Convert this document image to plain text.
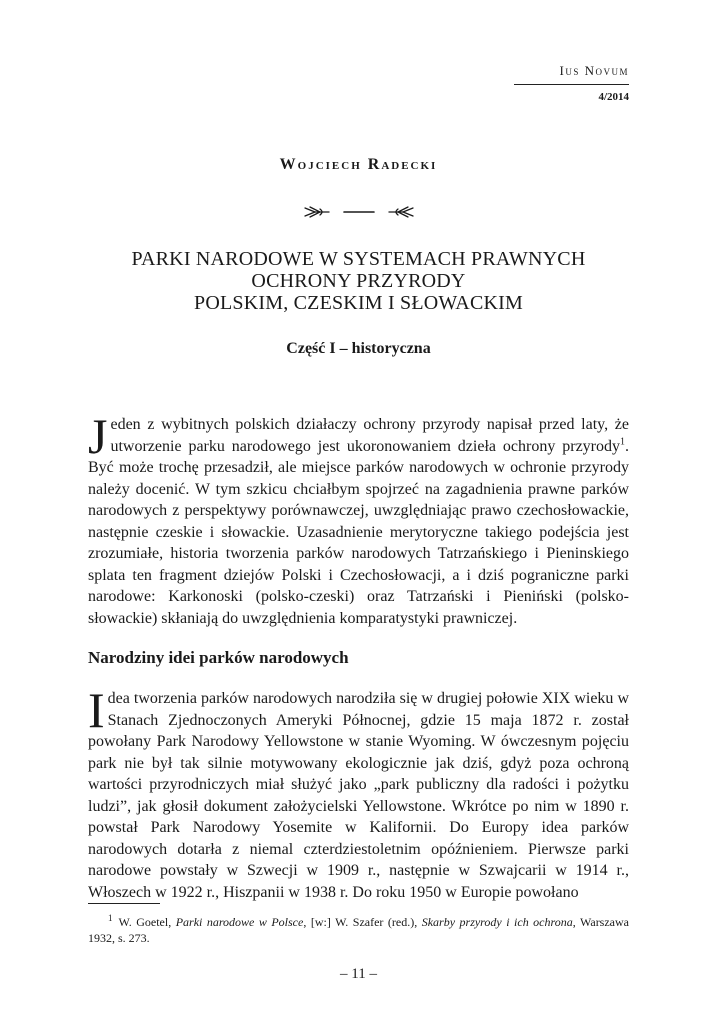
Ius Novum
4/2014
Wojciech Radecki
PARKI NARODOWE W SYSTEMACH PRAWNYCH
OCHRONY PRZYRODY
POLSKIM, CZESKIM I SŁOWACKIM
Część I – historyczna

Jeden z wybitnych polskich działaczy ochrony przyrody napisał przed laty, że utworzenie parku narodowego jest ukoronowaniem dzieła ochrony przyrody$^1$. Być może trochę przesadził, ale miejsce parków narodowych w ochronie przyrody należy docenić. W tym szkicu chciałbym spojrzeć na zagadnienia prawne parków narodowych z perspektywy porównawczej, uwzględniając prawo czechosłowackie, następnie czeskie i słowackie. Uzasadnienie merytoryczne takiego podejścia jest zrozumiałe, historia tworzenia parków narodowych Tatrzańskiego i Pieninskiego splata ten fragment dziejów Polski i Czechosłowacji, a i dziś pograniczne parki narodowe: Karkonoski (polsko-czeski) oraz Tatrzański i Pieniński (polsko-słowackie) skłaniają do uwzględnienia komparatystyki prawniczej.

Narodziny idei parków narodowych

Idea tworzenia parków narodowych narodziła się w drugiej połowie XIX wieku w Stanach Zjednoczonych Ameryki Północnej, gdzie 15 maja 1872 r. został powołany Park Narodowy Yellowstone w stanie Wyoming. W ówczesnym pojęciu park nie był tak silnie motywowany ekologicznie jak dziś, gdyż poza ochroną wartości przyrodniczych miał służyć jako „park publiczny dla radości i pożytku ludzi”, jak głosił dokument założycielski Yellowstone. Wkrótce po nim w 1890 r. powstał Park Narodowy Yosemite w Kalifornii. Do Europy idea parków narodowych dotarła z niemal czterdziestoletnim opóźnieniem. Pierwsze parki narodowe powstały w Szwecji w 1909 r., następnie w Szwajcarii w 1914 r., Włoszech w 1922 r., Hiszpanii w 1938 r. Do roku 1950 w Europie powołano

$^1$ W. Goetel, Parki narodowe w Polsce, [w:] W. Szafer (red.), Skarby przyrody i ich ochrona, Warszawa 1932, s. 273.
– 11 –
